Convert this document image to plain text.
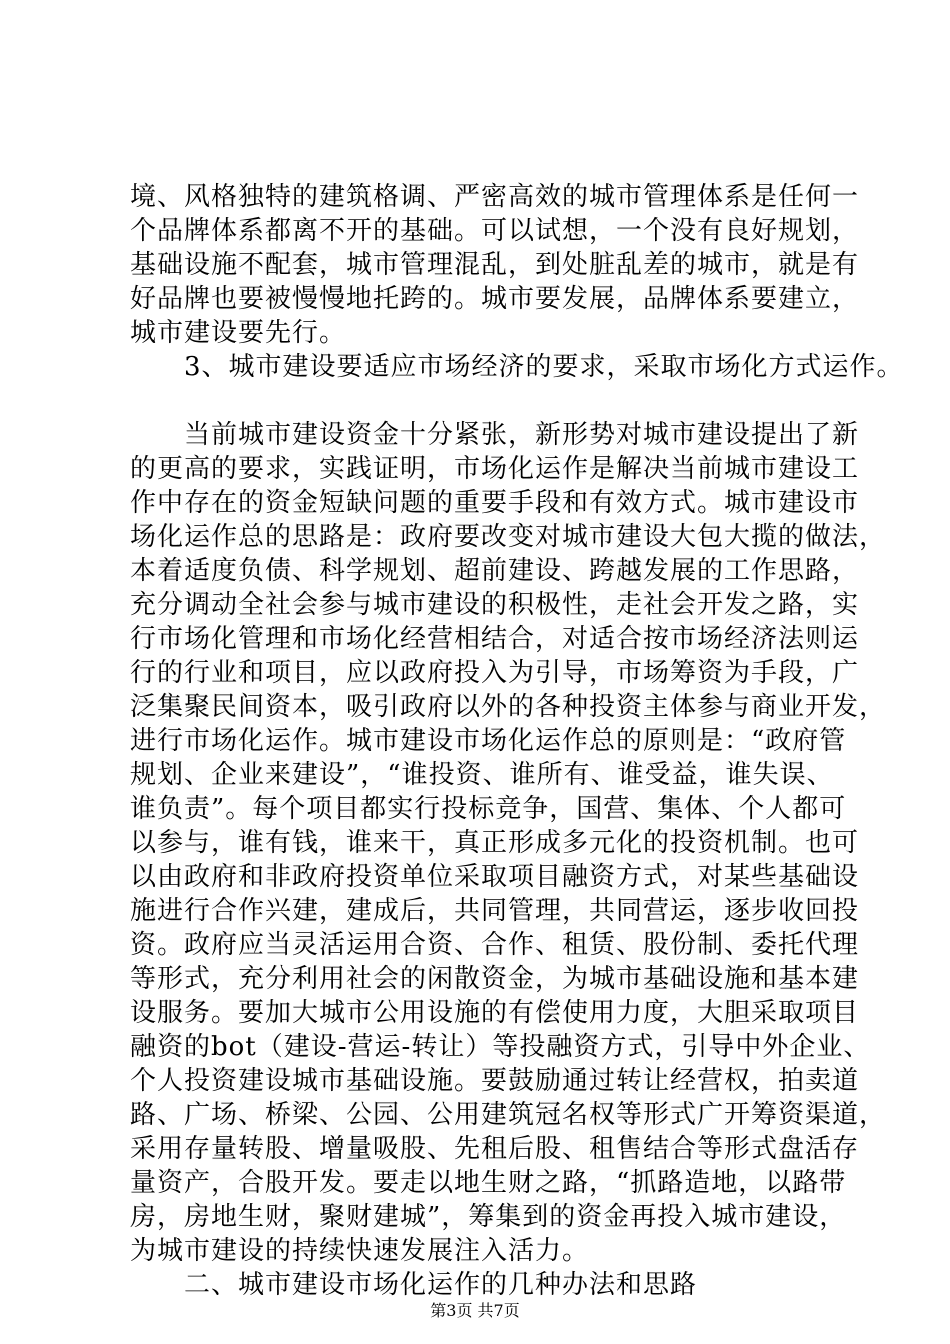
境、风格独特的建筑格调、严密高效的城市管理体系是任何一
个品牌体系都离不开的基础。可以试想，一个没有良好规划，
基础设施不配套，城市管理混乱，到处脏乱差的城市，就是有
好品牌也要被慢慢地托跨的。城市要发展，品牌体系要建立，
城市建设要先行。
　　3、城市建设要适应市场经济的要求，采取市场化方式运作。
　　当前城市建设资金十分紧张，新形势对城市建设提出了新
的更高的要求，实践证明，市场化运作是解决当前城市建设工
作中存在的资金短缺问题的重要手段和有效方式。城市建设市
场化运作总的思路是：政府要改变对城市建设大包大揽的做法，
本着适度负债、科学规划、超前建设、跨越发展的工作思路，
充分调动全社会参与城市建设的积极性，走社会开发之路，实
行市场化管理和市场化经营相结合，对适合按市场经济法则运
行的行业和项目，应以政府投入为引导，市场筹资为手段，广
泛集聚民间资本，吸引政府以外的各种投资主体参与商业开发，
进行市场化运作。城市建设市场化运作总的原则是：“政府管
规划、企业来建设”，“谁投资、谁所有、谁受益，谁失误、
谁负责”。每个项目都实行投标竞争，国营、集体、个人都可
以参与，谁有钱，谁来干，真正形成多元化的投资机制。也可
以由政府和非政府投资单位采取项目融资方式，对某些基础设
施进行合作兴建，建成后，共同管理，共同营运，逐步收回投
资。政府应当灵活运用合资、合作、租赁、股份制、委托代理
等形式，充分利用社会的闲散资金，为城市基础设施和基本建
设服务。要加大城市公用设施的有偿使用力度，大胆采取项目
融资的bot（建设-营运-转让）等投融资方式，引导中外企业、
个人投资建设城市基础设施。要鼓励通过转让经营权，拍卖道
路、广场、桥梁、公园、公用建筑冠名权等形式广开筹资渠道，
采用存量转股、增量吸股、先租后股、租售结合等形式盘活存
量资产，合股开发。要走以地生财之路，“抓路造地，以路带
房，房地生财，聚财建城”，筹集到的资金再投入城市建设，
为城市建设的持续快速发展注入活力。
　　二、城市建设市场化运作的几种办法和思路
第3页 共7页
